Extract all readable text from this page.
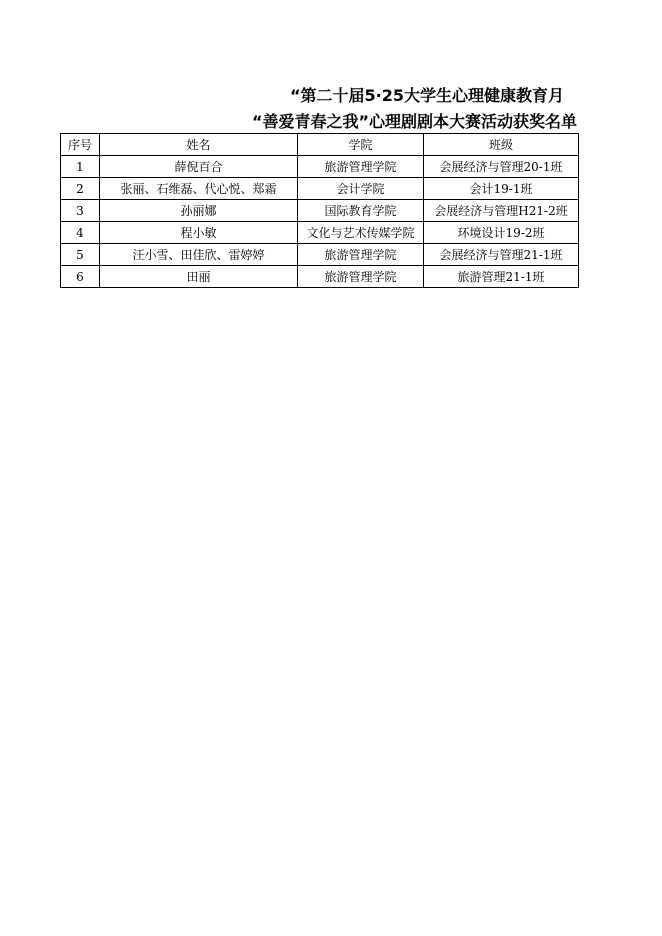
“第二十届5·25大学生心理健康教育月
“善爱青春之我”心理剧剧本大赛活动获奖名单
序号	姓名	学院	班级
1	薛倪百合	旅游管理学院	会展经济与管理20-1班
2	张丽、石维磊、代心悦、郑霜	会计学院	会计19-1班
3	孙丽娜	国际教育学院	会展经济与管理H21-2班
4	程小敏	文化与艺术传媒学院	环境设计19-2班
5	汪小雪、田佳欣、雷婷婷	旅游管理学院	会展经济与管理21-1班
6	田丽	旅游管理学院	旅游管理21-1班
